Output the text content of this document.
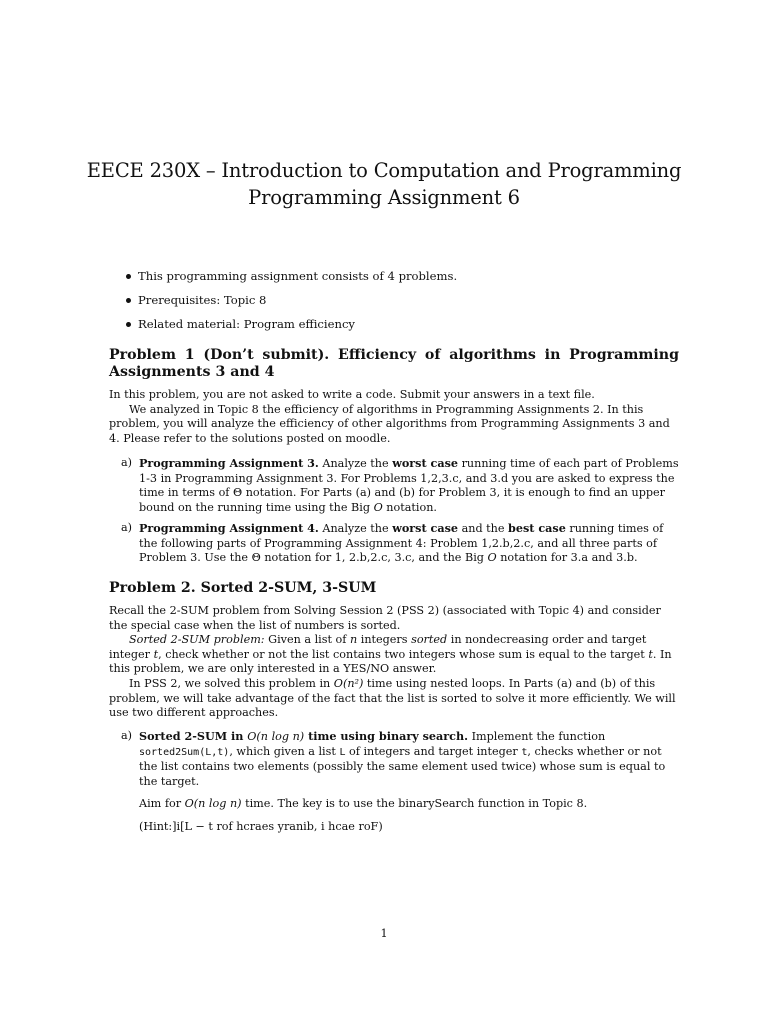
EECE 230X – Introduction to Computation and Programming
Programming Assignment 6
This programming assignment consists of 4 problems.
Prerequisites: Topic 8
Related material: Program efficiency
Problem 1 (Don’t submit). Efficiency of algorithms in Programming Assignments 3 and 4
In this problem, you are not asked to write a code. Submit your answers in a text file.
We analyzed in Topic 8 the efficiency of algorithms in Programming Assignments 2. In this problem, you will analyze the efficiency of other algorithms from Programming Assignments 3 and 4. Please refer to the solutions posted on moodle.
a) Programming Assignment 3. Analyze the worst case running time of each part of Problems 1-3 in Programming Assignment 3. For Problems 1,2,3.c, and 3.d you are asked to express the time in terms of Θ notation. For Parts (a) and (b) for Problem 3, it is enough to find an upper bound on the running time using the Big O notation.
a) Programming Assignment 4. Analyze the worst case and the best case running times of the following parts of Programming Assignment 4: Problem 1,2.b,2.c, and all three parts of Problem 3. Use the Θ notation for 1, 2.b,2.c, 3.c, and the Big O notation for 3.a and 3.b.
Problem 2. Sorted 2-SUM, 3-SUM
Recall the 2-SUM problem from Solving Session 2 (PSS 2) (associated with Topic 4) and consider the special case when the list of numbers is sorted.
Sorted 2-SUM problem: Given a list of n integers sorted in nondecreasing order and target integer t, check whether or not the list contains two integers whose sum is equal to the target t. In this problem, we are only interested in a YES/NO answer.
In PSS 2, we solved this problem in O(n²) time using nested loops. In Parts (a) and (b) of this problem, we will take advantage of the fact that the list is sorted to solve it more efficiently. We will use two different approaches.
a) Sorted 2-SUM in O(n log n) time using binary search. Implement the function sorted2Sum(L,t), which given a list L of integers and target integer t, checks whether or not the list contains two elements (possibly the same element used twice) whose sum is equal to the target.
Aim for O(n log n) time. The key is to use the binarySearch function in Topic 8.
(Hint:]i[L − t rof hcraes yranib, i hcae roF)
1
